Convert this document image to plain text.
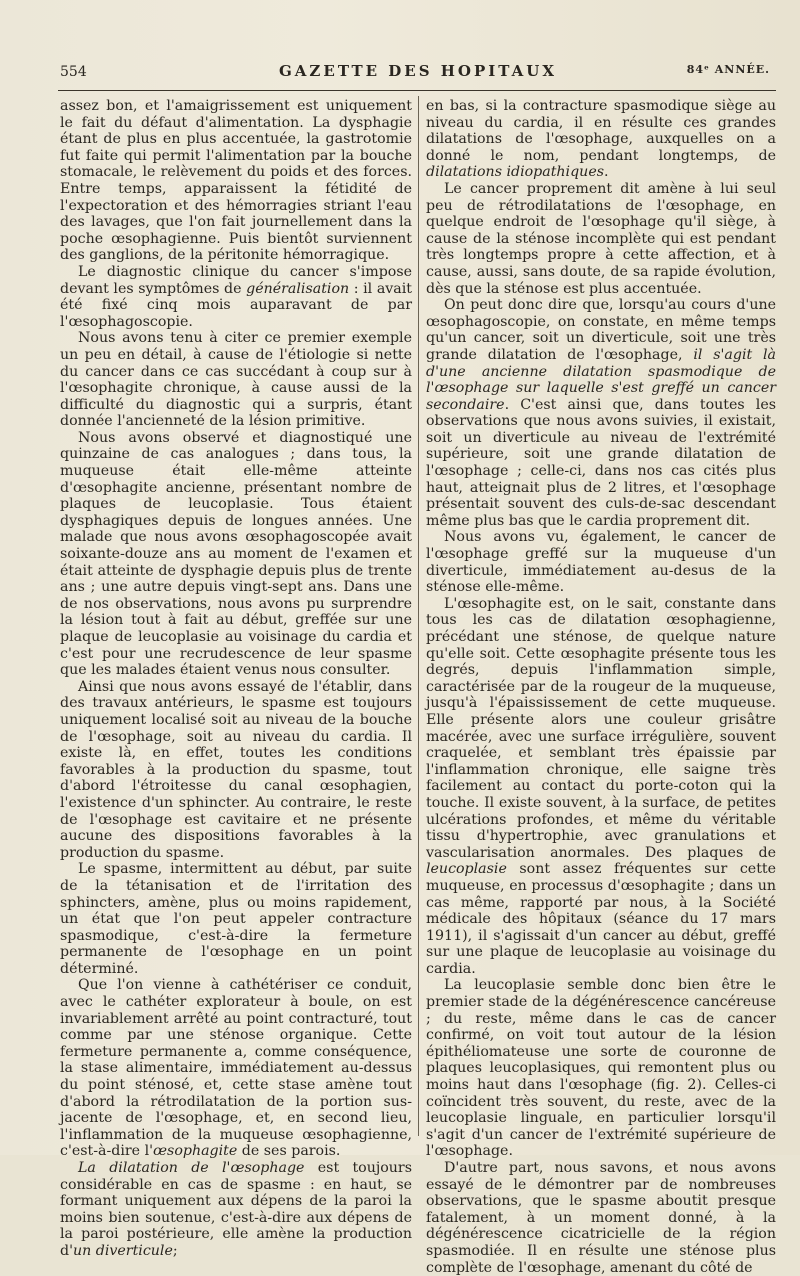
554	GAZETTE DES HOPITAUX	84ᵉ ANNÉE.

assez bon, et l'amaigrissement est uniquement le fait du défaut d'alimentation. La dysphagie étant de plus en plus accentuée, la gastrotomie fut faite qui permit l'alimentation par la bouche stomacale, le relèvement du poids et des forces. Entre temps, apparaissent la fétidité de l'expectoration et des hémorragies striant l'eau des lavages, que l'on fait journellement dans la poche œsophagienne. Puis bientôt surviennent des ganglions, de la péritonite hémorragique.

Le diagnostic clinique du cancer s'impose devant les symptômes de généralisation : il avait été fixé cinq mois auparavant de par l'œsophagoscopie.

Nous avons tenu à citer ce premier exemple un peu en détail, à cause de l'étiologie si nette du cancer dans ce cas succédant à coup sur à l'œsophagite chronique, à cause aussi de la difficulté du diagnostic qui a surpris, étant donnée l'ancienneté de la lésion primitive.

Nous avons observé et diagnostiqué une quinzaine de cas analogues ; dans tous, la muqueuse était elle-même atteinte d'œsophagite ancienne, présentant nombre de plaques de leucoplasie. Tous étaient dysphagiques depuis de longues années. Une malade que nous avons œsophagoscopée avait soixante-douze ans au moment de l'examen et était atteinte de dysphagie depuis plus de trente ans ; une autre depuis vingt-sept ans. Dans une de nos observations, nous avons pu surprendre la lésion tout à fait au début, greffée sur une plaque de leucoplasie au voisinage du cardia et c'est pour une recrudescence de leur spasme que les malades étaient venus nous consulter.

Ainsi que nous avons essayé de l'établir, dans des travaux antérieurs, le spasme est toujours uniquement localisé soit au niveau de la bouche de l'œsophage, soit au niveau du cardia. Il existe là, en effet, toutes les conditions favorables à la production du spasme, tout d'abord l'étroitesse du canal œsophagien, l'existence d'un sphincter. Au contraire, le reste de l'œsophage est cavitaire et ne présente aucune des dispositions favorables à la production du spasme.

Le spasme, intermittent au début, par suite de la tétanisation et de l'irritation des sphincters, amène, plus ou moins rapidement, un état que l'on peut appeler contracture spasmodique, c'est-à-dire la fermeture permanente de l'œsophage en un point déterminé.

Que l'on vienne à cathétériser ce conduit, avec le cathéter explorateur à boule, on est invariablement arrêté au point contracturé, tout comme par une sténose organique. Cette fermeture permanente a, comme conséquence, la stase alimentaire, immédiatement au-dessus du point sténosé, et, cette stase amène tout d'abord la rétrodilatation de la portion sus-jacente de l'œsophage, et, en second lieu, l'inflammation de la muqueuse œsophagienne, c'est-à-dire l'œsophagite de ses parois.

La dilatation de l'œsophage est toujours considérable en cas de spasme : en haut, se formant uniquement aux dépens de la paroi la moins bien soutenue, c'est-à-dire aux dépens de la paroi postérieure, elle amène la production d'un diverticule;

en bas, si la contracture spasmodique siège au niveau du cardia, il en résulte ces grandes dilatations de l'œsophage, auxquelles on a donné le nom, pendant longtemps, de dilatations idiopathiques.

Le cancer proprement dit amène à lui seul peu de rétrodilatations de l'œsophage, en quelque endroit de l'œsophage qu'il siège, à cause de la sténose incomplète qui est pendant très longtemps propre à cette affection, et à cause, aussi, sans doute, de sa rapide évolution, dès que la sténose est plus accentuée.

On peut donc dire que, lorsqu'au cours d'une œsophagoscopie, on constate, en même temps qu'un cancer, soit un diverticule, soit une très grande dilatation de l'œsophage, il s'agit là d'une ancienne dilatation spasmodique de l'œsophage sur laquelle s'est greffé un cancer secondaire. C'est ainsi que, dans toutes les observations que nous avons suivies, il existait, soit un diverticule au niveau de l'extrémité supérieure, soit une grande dilatation de l'œsophage ; celle-ci, dans nos cas cités plus haut, atteignait plus de 2 litres, et l'œsophage présentait souvent des culs-de-sac descendant même plus bas que le cardia proprement dit.

Nous avons vu, également, le cancer de l'œsophage greffé sur la muqueuse d'un diverticule, immédiatement au-desus de la sténose elle-même.

L'œsophagite est, on le sait, constante dans tous les cas de dilatation œsophagienne, précédant une sténose, de quelque nature qu'elle soit. Cette œsophagite présente tous les degrés, depuis l'inflammation simple, caractérisée par de la rougeur de la muqueuse, jusqu'à l'épaississement de cette muqueuse. Elle présente alors une couleur grisâtre macérée, avec une surface irrégulière, souvent craquelée, et semblant très épaissie par l'inflammation chronique, elle saigne très facilement au contact du porte-coton qui la touche. Il existe souvent, à la surface, de petites ulcérations profondes, et même du véritable tissu d'hypertrophie, avec granulations et vascularisation anormales. Des plaques de leucoplasie sont assez fréquentes sur cette muqueuse, en processus d'œsophagite ; dans un cas même, rapporté par nous, à la Société médicale des hôpitaux (séance du 17 mars 1911), il s'agissait d'un cancer au début, greffé sur une plaque de leucoplasie au voisinage du cardia.

La leucoplasie semble donc bien être le premier stade de la dégénérescence cancéreuse ; du reste, même dans le cas de cancer confirmé, on voit tout autour de la lésion épithéliomateuse une sorte de couronne de plaques leucoplasiques, qui remontent plus ou moins haut dans l'œsophage (fig. 2). Celles-ci coïncident très souvent, du reste, avec de la leucoplasie linguale, en particulier lorsqu'il s'agit d'un cancer de l'extrémité supérieure de l'œsophage.

D'autre part, nous savons, et nous avons essayé de le démontrer par de nombreuses observations, que le spasme aboutit presque fatalement, à un moment donné, à la dégénérescence cicatricielle de la région spasmodiée. Il en résulte une sténose plus complète de l'œsophage, amenant du côté de
